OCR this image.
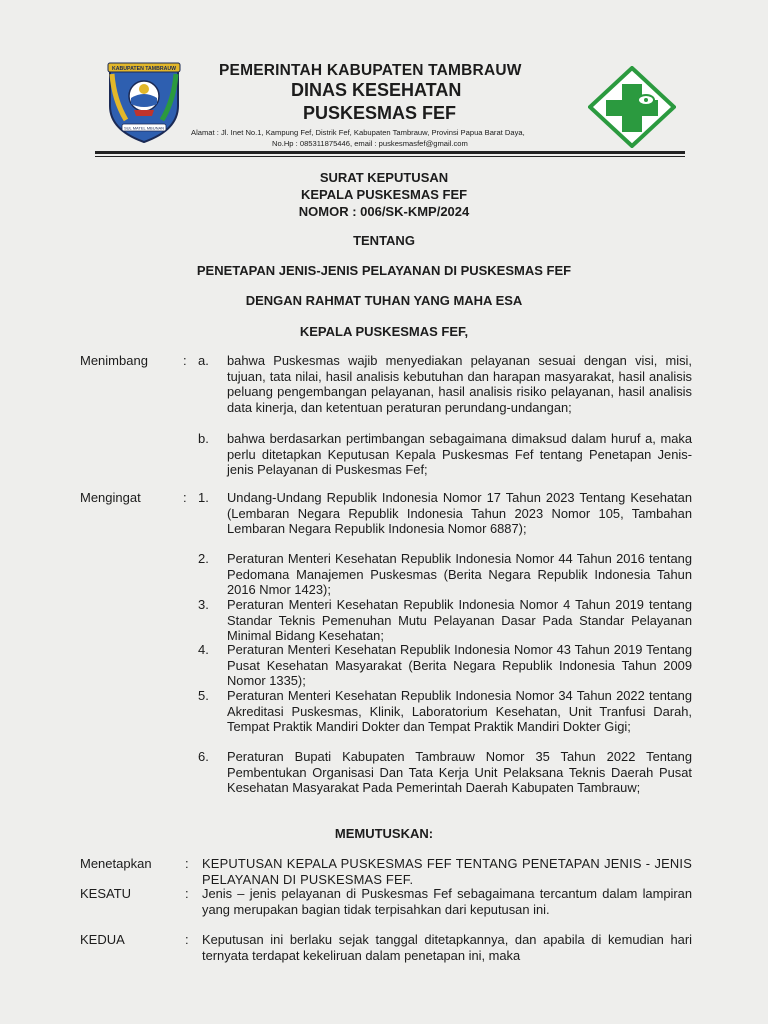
KABUPATEN TAMBRAUW
SUL MATEL MBUNAN
PEMERINTAH KABUPATEN TAMBRAUW
DINAS KESEHATAN
PUSKESMAS FEF
Alamat : Jl. Inet No.1, Kampung Fef, Distrik Fef, Kabupaten Tambrauw, Provinsi Papua Barat Daya,
No.Hp : 085311875446, email : puskesmasfef@gmail.com
SURAT KEPUTUSAN
KEPALA PUSKESMAS FEF
NOMOR : 006/SK-KMP/2024
TENTANG
PENETAPAN JENIS-JENIS PELAYANAN DI PUSKESMAS FEF
DENGAN RAHMAT TUHAN YANG MAHA ESA
KEPALA PUSKESMAS FEF,
Menimbang	: a. bahwa Puskesmas wajib menyediakan pelayanan sesuai dengan visi, misi, tujuan, tata nilai, hasil analisis kebutuhan dan harapan masyarakat, hasil analisis peluang pengembangan pelayanan, hasil analisis risiko pelayanan, hasil analisis data kinerja, dan ketentuan peraturan perundang-undangan;

b. bahwa berdasarkan pertimbangan sebagaimana dimaksud dalam huruf a, maka perlu ditetapkan Keputusan Kepala Puskesmas Fef tentang Penetapan Jenis-jenis Pelayanan di Puskesmas Fef;

Mengingat	: 1. Undang-Undang Republik Indonesia Nomor 17 Tahun 2023 Tentang Kesehatan (Lembaran Negara Republik Indonesia Tahun 2023 Nomor 105, Tambahan Lembaran Negara Republik Indonesia Nomor 6887);

2. Peraturan Menteri Kesehatan Republik Indonesia Nomor 44 Tahun 2016 tentang Pedomana Manajemen Puskesmas (Berita Negara Republik Indonesia Tahun 2016 Nmor 1423);

3. Peraturan Menteri Kesehatan Republik Indonesia Nomor 4 Tahun 2019 tentang Standar Teknis Pemenuhan Mutu Pelayanan Dasar Pada Standar Pelayanan Minimal Bidang Kesehatan;

4. Peraturan Menteri Kesehatan Republik Indonesia Nomor 43 Tahun 2019 Tentang Pusat Kesehatan Masyarakat (Berita Negara Republik Indonesia Tahun 2009 Nomor 1335);

5. Peraturan Menteri Kesehatan Republik Indonesia Nomor 34 Tahun 2022 tentang Akreditasi Puskesmas, Klinik, Laboratorium Kesehatan, Unit Tranfusi Darah, Tempat Praktik Mandiri Dokter dan Tempat Praktik Mandiri Dokter Gigi;

6. Peraturan Bupati Kabupaten Tambrauw Nomor 35 Tahun 2022 Tentang Pembentukan Organisasi Dan Tata Kerja Unit Pelaksana Teknis Daerah Pusat Kesehatan Masyarakat Pada Pemerintah Daerah Kabupaten Tambrauw;

MEMUTUSKAN:
Menetapkan	: KEPUTUSAN KEPALA PUSKESMAS FEF TENTANG PENETAPAN JENIS - JENIS PELAYANAN DI PUSKESMAS FEF.

KESATU	: Jenis – jenis pelayanan di Puskesmas Fef sebagaimana tercantum dalam lampiran yang merupakan bagian tidak terpisahkan dari keputusan ini.

KEDUA	: Keputusan ini berlaku sejak tanggal ditetapkannya, dan apabila di kemudian hari ternyata terdapat kekeliruan dalam penetapan ini, maka
